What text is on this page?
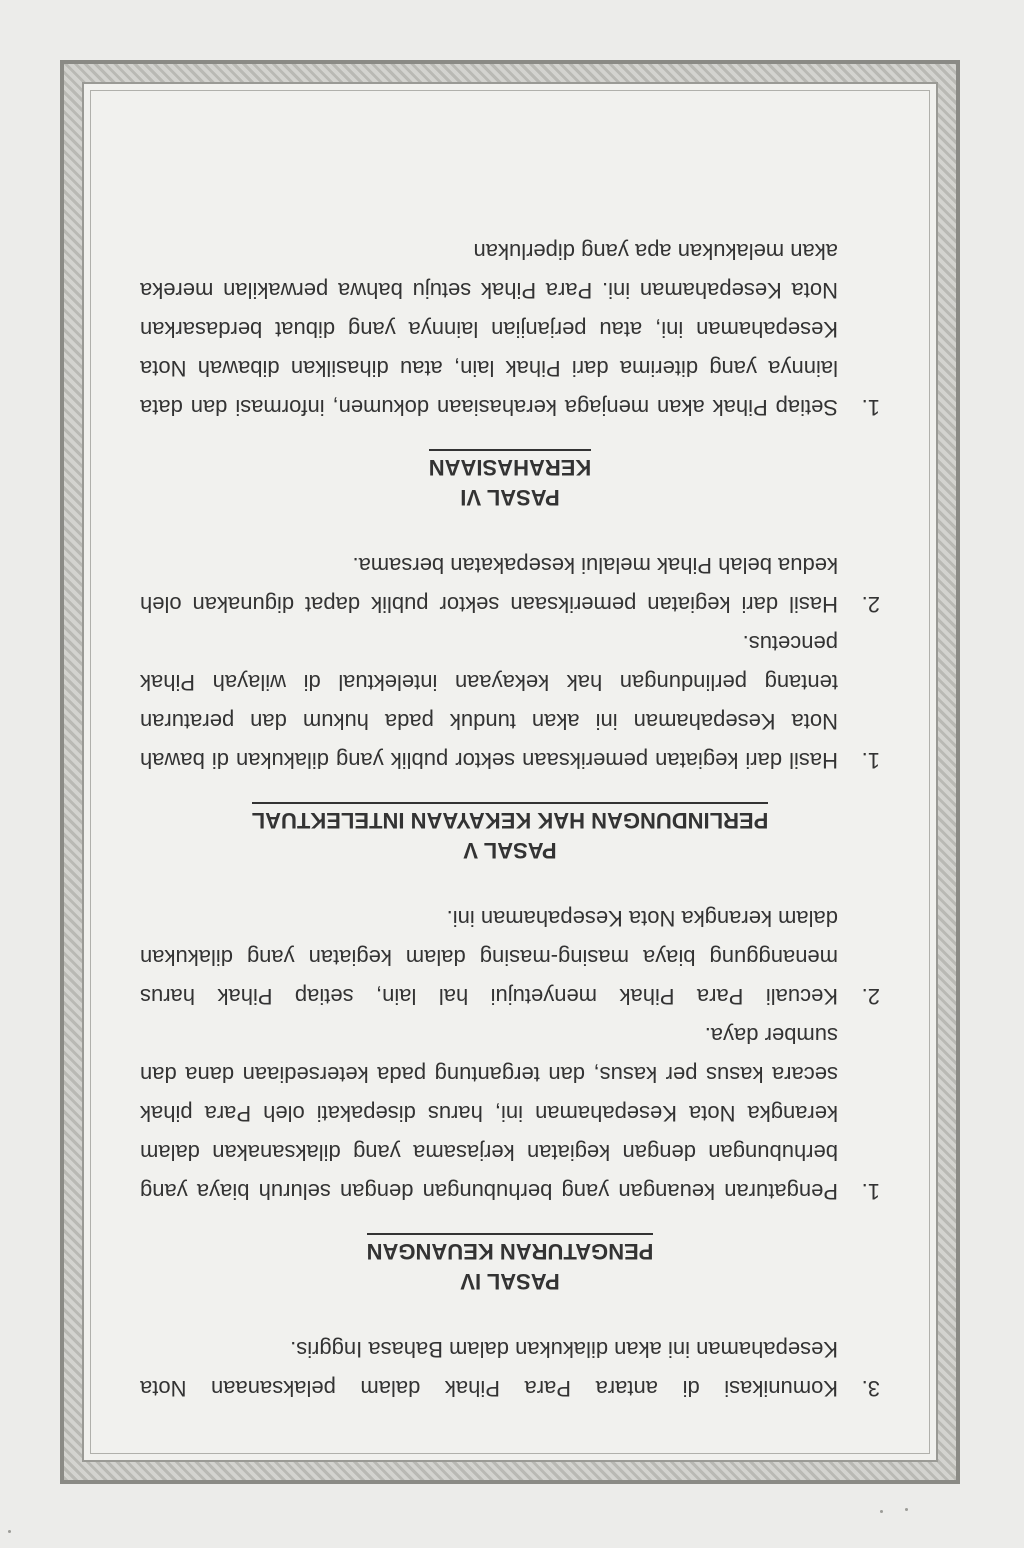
3.
Komunikasi di antara Para Pihak dalam pelaksanaan Nota Kesepahaman ini akan dilakukan dalam Bahasa Inggris.
PASAL IV
PENGATURAN KEUANGAN
1.
Pengaturan keuangan yang berhubungan dengan seluruh biaya yang berhubungan dengan kegiatan kerjasama yang dilaksanakan dalam kerangka Nota Kesepahaman ini, harus disepakati oleh Para pihak secara kasus per kasus, dan tergantung pada ketersediaan dana dan sumber daya.
2.
Kecuali Para Pihak menyetujui hal lain, setiap Pihak harus menanggung biaya masing-masing dalam kegiatan yang dilakukan dalam kerangka Nota Kesepahaman ini.
PASAL V
PERLINDUNGAN HAK KEKAYAAN INTELEKTUAL
1.
Hasil dari kegiatan pemeriksaan sektor publik yang dilakukan di bawah Nota Kesepahaman ini akan tunduk pada hukum dan peraturan tentang perlindungan hak kekayaan intelektual di wilayah Pihak pencetus.
2.
Hasil dari kegiatan pemeriksaan sektor publik dapat digunakan oleh kedua belah Pihak melalui kesepakatan bersama.
PASAL VI
KERAHASIAAN
1.
Setiap Pihak akan menjaga kerahasiaan dokumen, informasi dan data lainnya yang diterima dari Pihak lain, atau dihasilkan dibawah Nota Kesepahaman ini, atau perjanjian lainnya yang dibuat berdasarkan Nota Kesepahaman ini. Para Pihak setuju bahwa perwakilan mereka akan melakukan apa yang diperlukan
